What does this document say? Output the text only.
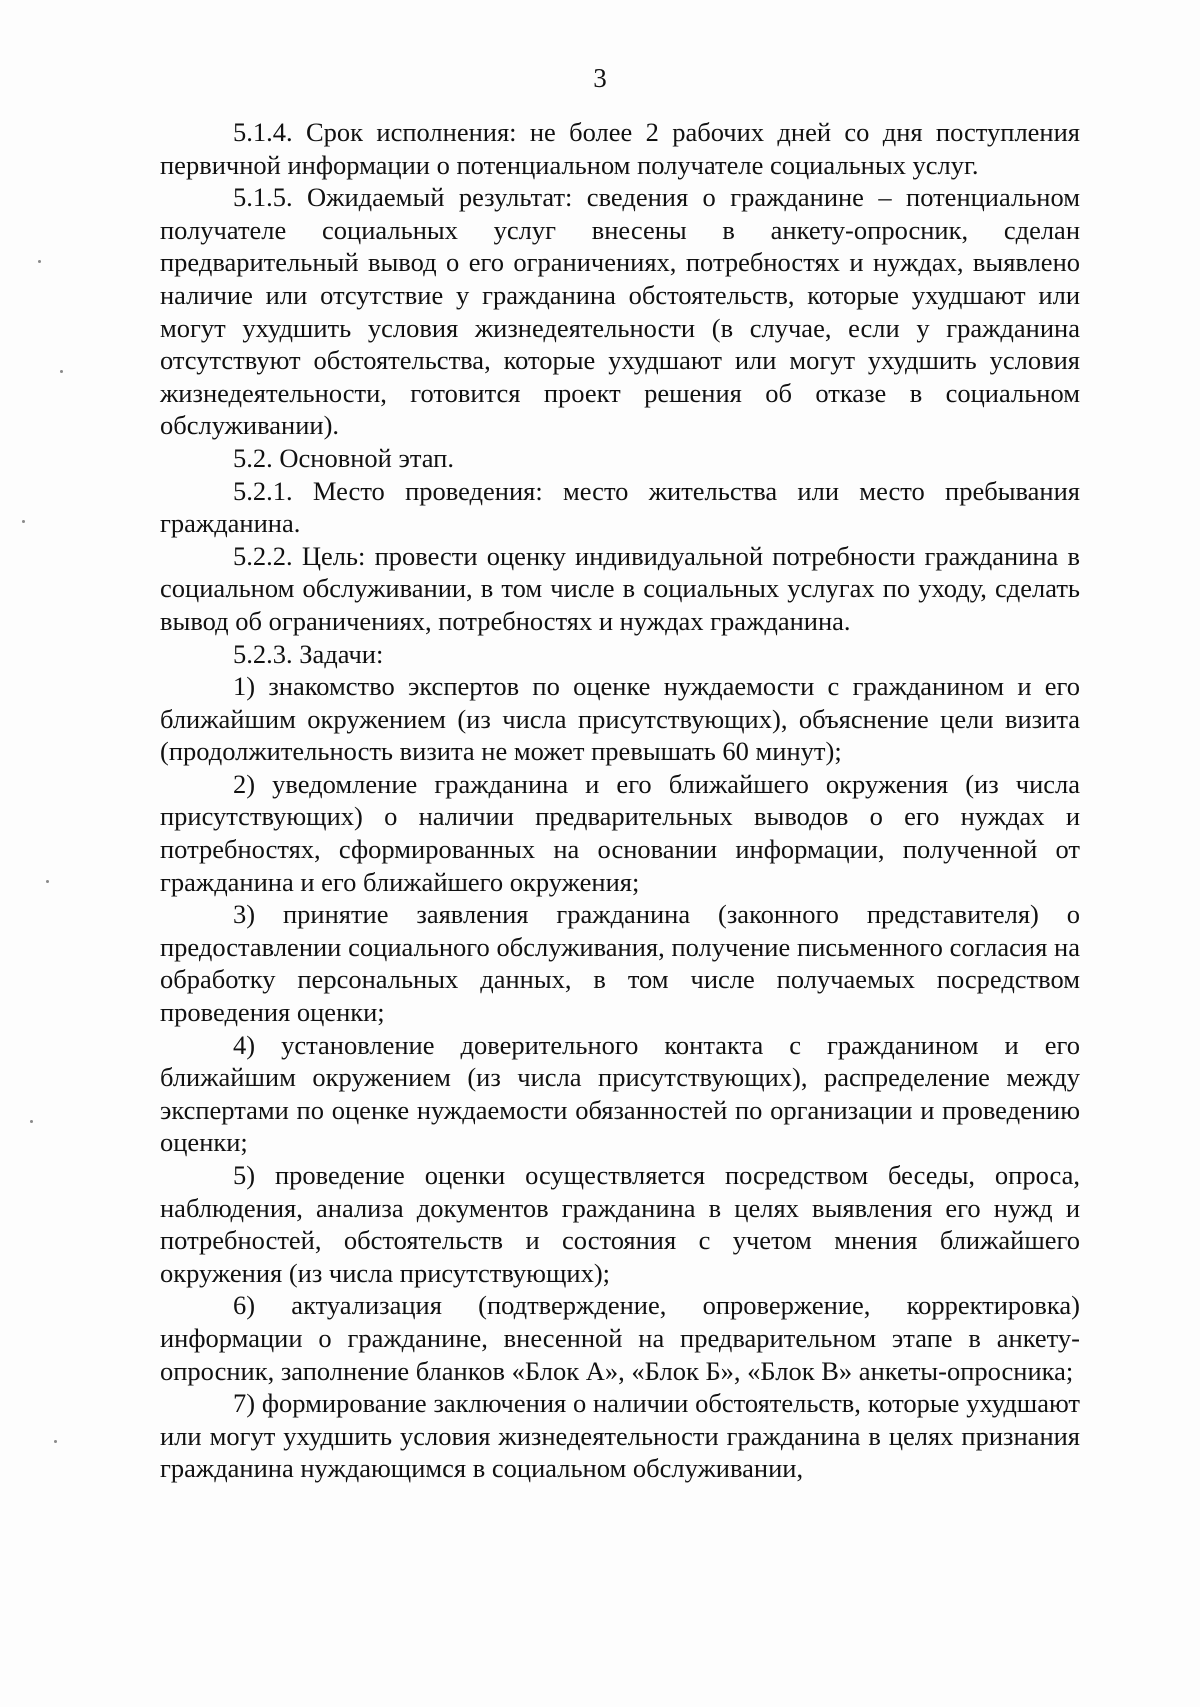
3

5.1.4. Срок исполнения: не более 2 рабочих дней со дня поступления первичной информации о потенциальном получателе социальных услуг.

5.1.5. Ожидаемый результат: сведения о гражданине – потенциальном получателе социальных услуг внесены в анкету-опросник, сделан предварительный вывод о его ограничениях, потребностях и нуждах, выявлено наличие или отсутствие у гражданина обстоятельств, которые ухудшают или могут ухудшить условия жизнедеятельности (в случае, если у гражданина отсутствуют обстоятельства, которые ухудшают или могут ухудшить условия жизнедеятельности, готовится проект решения об отказе в социальном обслуживании).

5.2. Основной этап.

5.2.1. Место проведения: место жительства или место пребывания гражданина.

5.2.2. Цель: провести оценку индивидуальной потребности гражданина в социальном обслуживании, в том числе в социальных услугах по уходу, сделать вывод об ограничениях, потребностях и нуждах гражданина.

5.2.3. Задачи:

1) знакомство экспертов по оценке нуждаемости с гражданином и его ближайшим окружением (из числа присутствующих), объяснение цели визита (продолжительность визита не может превышать 60 минут);

2) уведомление гражданина и его ближайшего окружения (из числа присутствующих) о наличии предварительных выводов о его нуждах и потребностях, сформированных на основании информации, полученной от гражданина и его ближайшего окружения;

3) принятие заявления гражданина (законного представителя) о предоставлении социального обслуживания, получение письменного согласия на обработку персональных данных, в том числе получаемых посредством проведения оценки;

4) установление доверительного контакта с гражданином и его ближайшим окружением (из числа присутствующих), распределение между экспертами по оценке нуждаемости обязанностей по организации и проведению оценки;

5) проведение оценки осуществляется посредством беседы, опроса, наблюдения, анализа документов гражданина в целях выявления его нужд и потребностей, обстоятельств и состояния с учетом мнения ближайшего окружения (из числа присутствующих);

6) актуализация (подтверждение, опровержение, корректировка) информации о гражданине, внесенной на предварительном этапе в анкету-опросник, заполнение бланков «Блок А», «Блок Б», «Блок В» анкеты-опросника;

7) формирование заключения о наличии обстоятельств, которые ухудшают или могут ухудшить условия жизнедеятельности гражданина в целях признания гражданина нуждающимся в социальном обслуживании,
